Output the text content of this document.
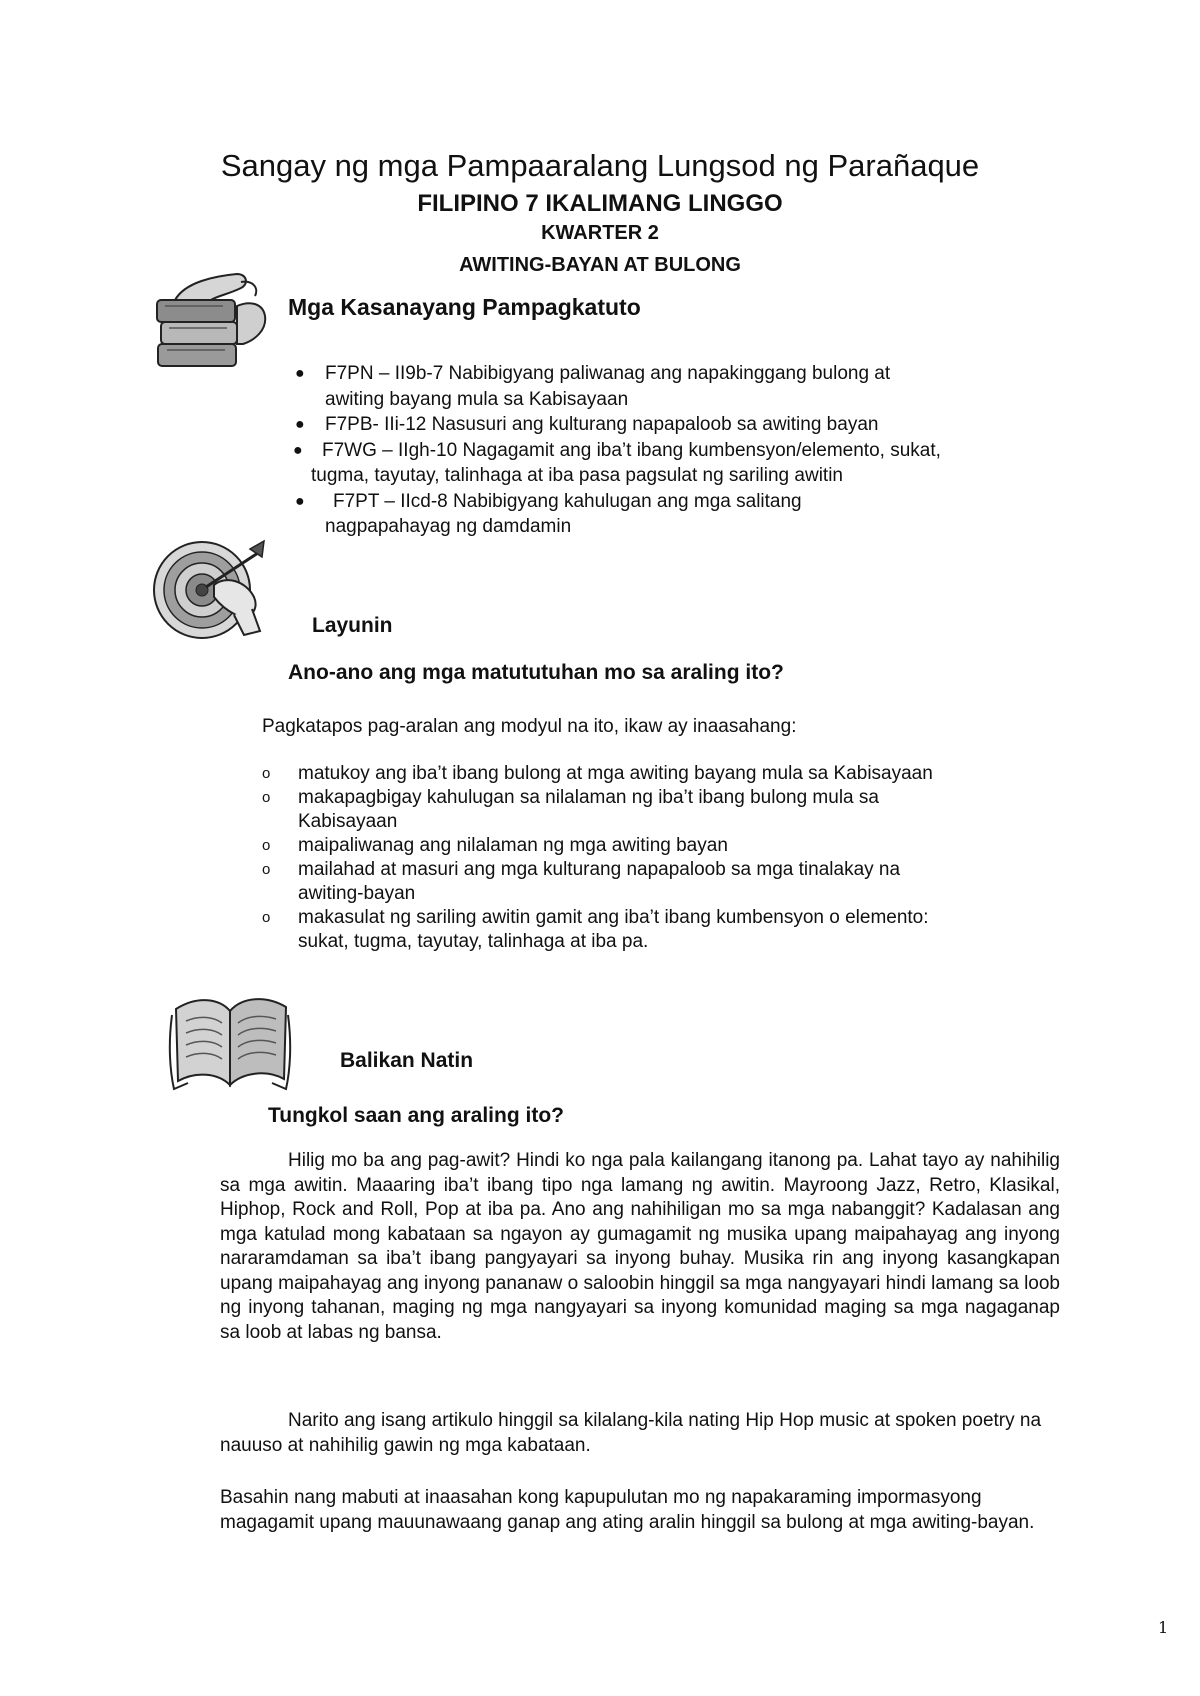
Sangay ng mga Pampaaralang Lungsod ng Parañaque
FILIPINO 7 IKALIMANG LINGGO
KWARTER 2
AWITING-BAYAN AT BULONG
Mga Kasanayang Pampagkatuto
● F7PN – II9b-7 Nabibigyang paliwanag ang napakinggang bulong at
awiting bayang mula sa Kabisayaan
● F7PB- IIi-12 Nasusuri ang kulturang napapaloob sa awiting bayan
● F7WG – IIgh-10 Nagagamit ang iba’t ibang kumbensyon/elemento, sukat,
tugma, tayutay, talinhaga at iba pasa pagsulat ng sariling awitin
● F7PT – IIcd-8 Nabibigyang kahulugan ang mga salitang
nagpapahayag ng damdamin
Layunin
Ano-ano ang mga matututuhan mo sa araling ito?
Pagkatapos pag-aralan ang modyul na ito, ikaw ay inaasahang:
o matukoy ang iba’t ibang bulong at mga awiting bayang mula sa Kabisayaan
o makapagbigay kahulugan sa nilalaman ng iba’t ibang bulong mula sa
Kabisayaan
o maipaliwanag ang nilalaman ng mga awiting bayan
o mailahad at masuri ang mga kulturang napapaloob sa mga tinalakay na
awiting-bayan
o makasulat ng sariling awitin gamit ang iba’t ibang kumbensyon o elemento:
sukat, tugma, tayutay, talinhaga at iba pa.
Balikan Natin
Tungkol saan ang araling ito?
Hilig mo ba ang pag-awit? Hindi ko nga pala kailangang itanong pa. Lahat tayo ay nahihilig sa mga awitin. Maaaring iba’t ibang tipo nga lamang ng awitin. Mayroong Jazz, Retro, Klasikal, Hiphop, Rock and Roll, Pop at iba pa. Ano ang nahihiligan mo sa mga nabanggit? Kadalasan ang mga katulad mong kabataan sa ngayon ay gumagamit ng musika upang maipahayag ang inyong nararamdaman sa iba’t ibang pangyayari sa inyong buhay. Musika rin ang inyong kasangkapan upang maipahayag ang inyong pananaw o saloobin hinggil sa mga nangyayari hindi lamang sa loob ng inyong tahanan, maging ng mga nangyayari sa inyong komunidad maging sa mga nagaganap sa loob at labas ng bansa.
Narito ang isang artikulo hinggil sa kilalang-kila nating Hip Hop music at spoken poetry na nauuso at nahihilig gawin ng mga kabataan.
Basahin nang mabuti at inaasahan kong kapupulutan mo ng napakaraming impormasyong magagamit upang mauunawaang ganap ang ating aralin hinggil sa bulong at mga awiting-bayan.
1
